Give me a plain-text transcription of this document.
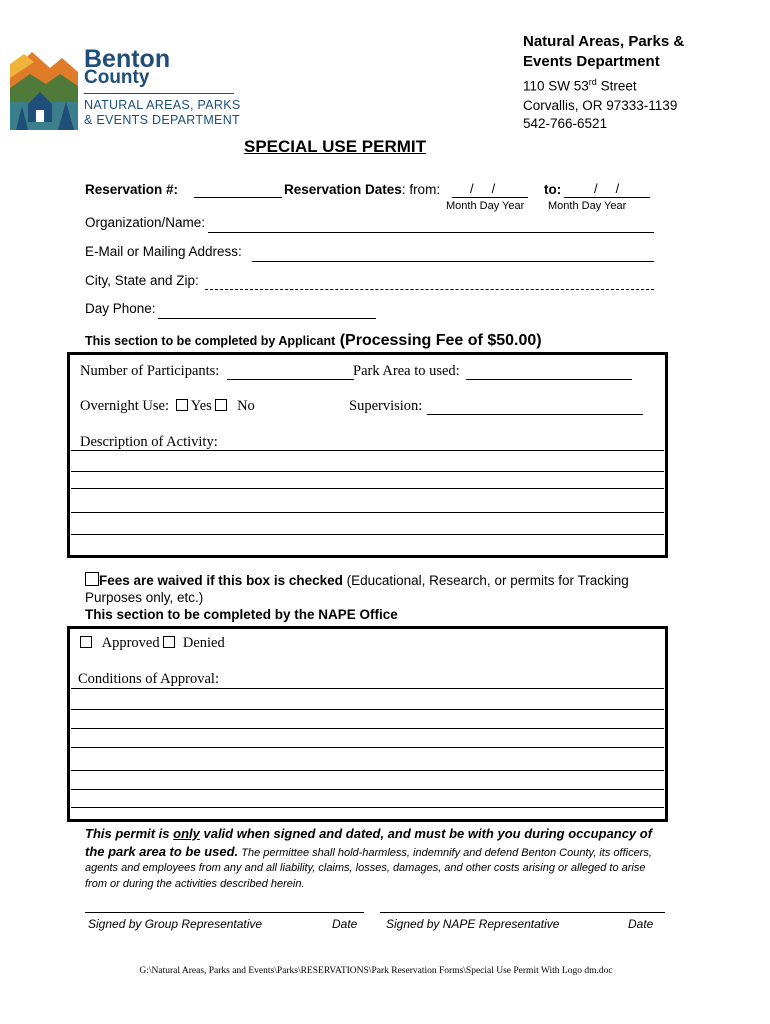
Benton
County
NATURAL AREAS, PARKS
& EVENTS DEPARTMENT
Natural Areas, Parks &
Events Department
110 SW 53rd Street
Corvallis, OR 97333-1139
542-766-6521
SPECIAL USE PERMIT
Reservation #:	Reservation Dates: from: /     /	to:	/     /
Month Day Year Month Day Year
Organization/Name:
E-Mail or Mailing Address:
City, State and Zip:
Day Phone:
This section to be completed by Applicant (Processing Fee of $50.00)
Number of Participants:	Park Area to used:
Overnight Use: Yes No	Supervision:
Description of Activity:
Fees are waived if this box is checked (Educational, Research, or permits for Tracking Purposes only, etc.)
This section to be completed by the NAPE Office
Approved Denied
Conditions of Approval:
This permit is only valid when signed and dated, and must be with you during occupancy of the park area to be used. The permittee shall hold-harmless, indemnify and defend Benton County, its officers, agents and employees from any and all liability, claims, losses, damages, and other costs arising or alleged to arise from or during the activities described herein.
Signed by Group Representative	Date Signed by NAPE Representative	Date
G:\Natural Areas, Parks and Events\Parks\RESERVATIONS\Park Reservation Forms\Special Use Permit With Logo dm.doc
